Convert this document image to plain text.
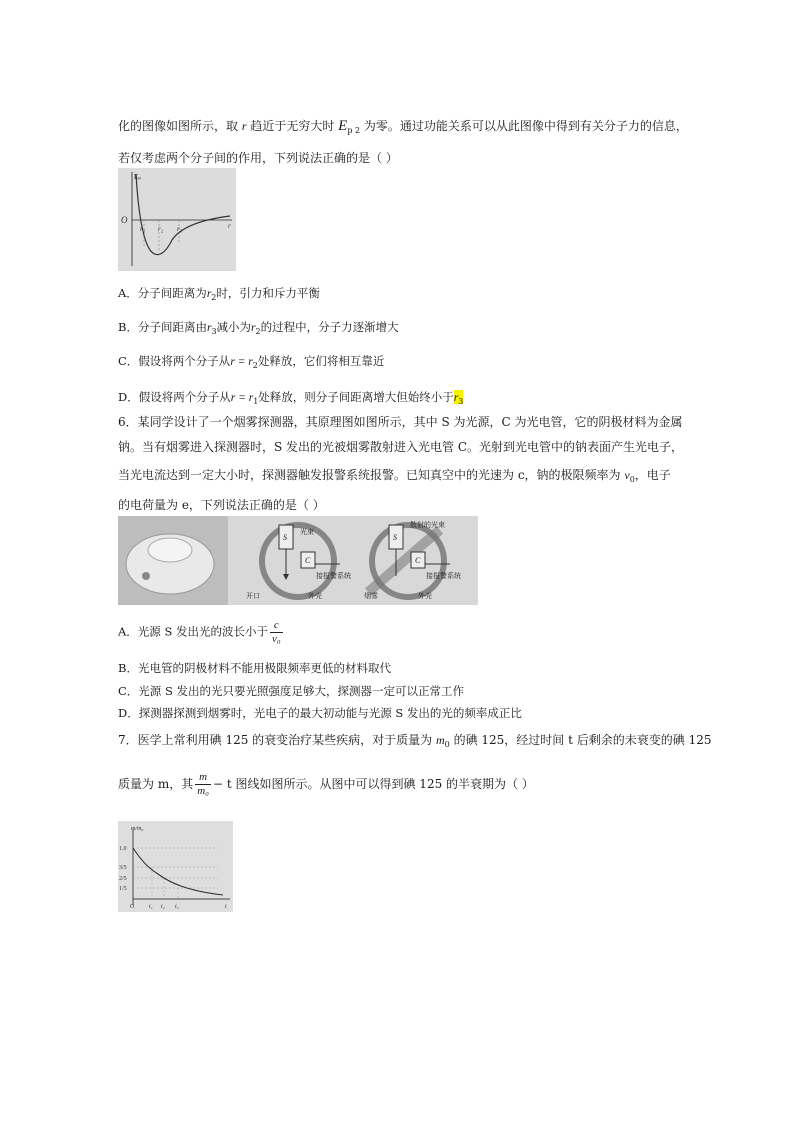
化的图像如图所示，取 r 趋近于无穷大时 $E_{p 2}$ 为零。通过功能关系可以从此图像中得到有关分子力的信息，
若仅考虑两个分子间的作用，下列说法正确的是（ ）
Eₚ
O
r
r₁ r₂ r₃
A．分子间距离为$r_2$时，引力和斥力平衡
B．分子间距离由$r_3$减小为$r_2$的过程中，分子力逐渐增大
C．假设将两个分子从$r = r_2$处释放，它们将相互靠近
D．假设将两个分子从$r = r_1$处释放，则分子间距离增大但始终小于$r_3$
6．某同学设计了一个烟雾探测器，其原理图如图所示，其中 S 为光源，C 为光电管，它的阴极材料为金属
钠。当有烟雾进入探测器时，S 发出的光被烟雾散射进入光电管 C。光射到光电管中的钠表面产生光电子，
当光电流达到一定大小时，探测器触发报警系统报警。已知真空中的光速为 c，钠的极限频率为 $\nu_0$，电子
的电荷量为 e，下列说法正确的是（ ）
S
C
光束
开口	外壳
接报警系统
S
C
散射的光束
烟雾	外壳
接报警系统
A．光源 S 发出光的波长小于 $\frac{c}{\text{ν₀}}$
B．光电管的阴极材料不能用极限频率更低的材料取代
C．光源 S 发出的光只要光照强度足够大，探测器一定可以正常工作
D．探测器探测到烟雾时，光电子的最大初动能与光源 S 发出的光的频率成正比
7．医学上常利用碘 125 的衰变治疗某些疾病，对于质量为 $m_0$ 的碘 125，经过时间 t 后剩余的未衰变的碘 125
质量为 m，其 $\frac{m}{\text{m₀}} - t$ 图线如图所示。从图中可以得到碘 125 的半衰期为（ ）
m/m₀
1.0
3/5
2/5
1/5
O t₁ t₂ t₃	t
